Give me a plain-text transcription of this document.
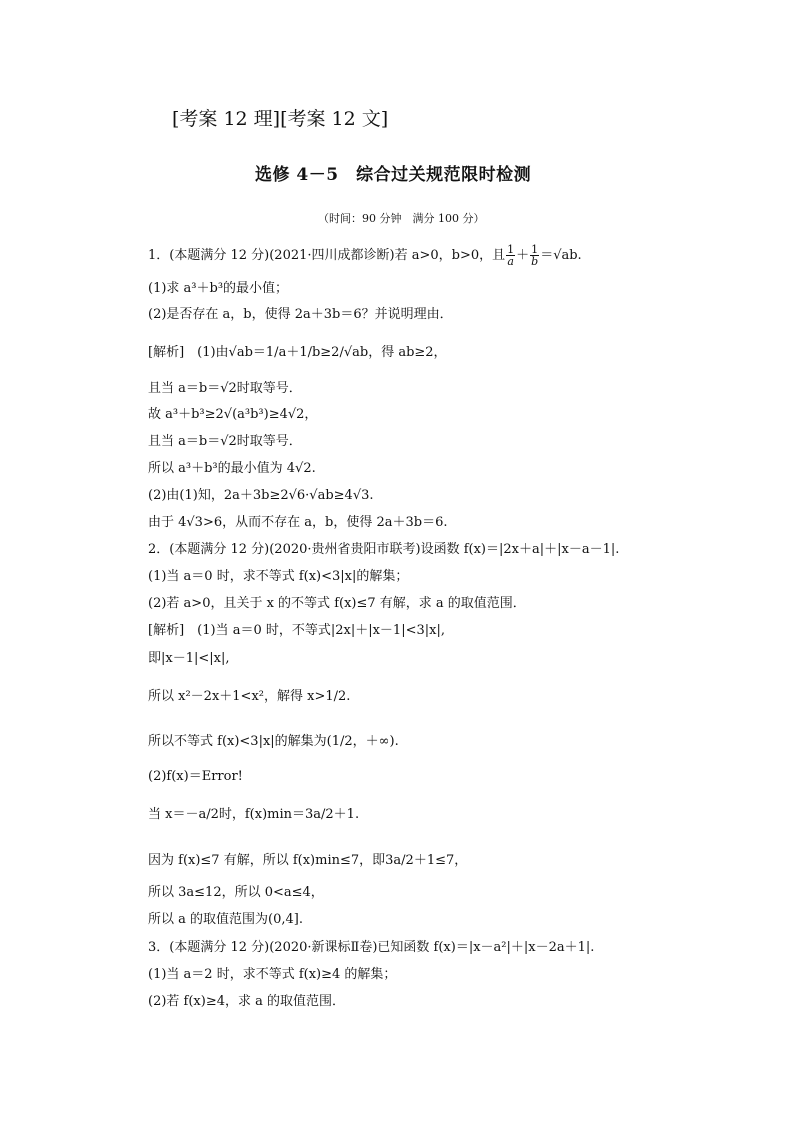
[考案 12 理][考案 12 文]
选修 4－5　综合过关规范限时检测
（时间：90 分钟　满分 100 分）
1．(本题满分 12 分)(2021·四川成都诊断)若 a>0，b>0，且 $\frac{1}{a} + \frac{1}{b} =√ab$.
(1)求 a³＋b³的最小值；
(2)是否存在 a，b，使得 2a＋3b＝6？并说明理由．
[解析]　(1)由√ab＝1/a＋1/b≥2/√ab，得 ab≥2，
且当 a＝b＝√2时取等号．
故 a³＋b³≥2√(a³b³)≥4√2，
且当 a＝b＝√2时取等号．
所以 a³＋b³的最小值为 4√2.
(2)由(1)知，2a＋3b≥2√6·√ab≥4√3.
由于 4√3>6，从而不存在 a，b，使得 2a＋3b＝6.
2．(本题满分 12 分)(2020·贵州省贵阳市联考)设函数 f(x)＝|2x＋a|＋|x－a－1|.
(1)当 a＝0 时，求不等式 f(x)<3|x|的解集；
(2)若 a>0，且关于 x 的不等式 f(x)≤7 有解，求 a 的取值范围．
[解析]　(1)当 a＝0 时，不等式|2x|＋|x－1|<3|x|,
即|x－1|<|x|,
所以 x²－2x＋1<x²，解得 x>1/2.
所以不等式 f(x)<3|x|的解集为(1/2，＋∞).
(2)f(x)＝Error!
当 x＝－a/2时，f(x)min＝3a/2＋1.
因为 f(x)≤7 有解，所以 f(x)min≤7，即3a/2＋1≤7，
所以 3a≤12，所以 0<a≤4，
所以 a 的取值范围为(0,4].
3．(本题满分 12 分)(2020·新课标Ⅱ卷)已知函数 f(x)＝|x－a²|＋|x－2a＋1|.
(1)当 a＝2 时，求不等式 f(x)≥4 的解集；
(2)若 f(x)≥4，求 a 的取值范围．
